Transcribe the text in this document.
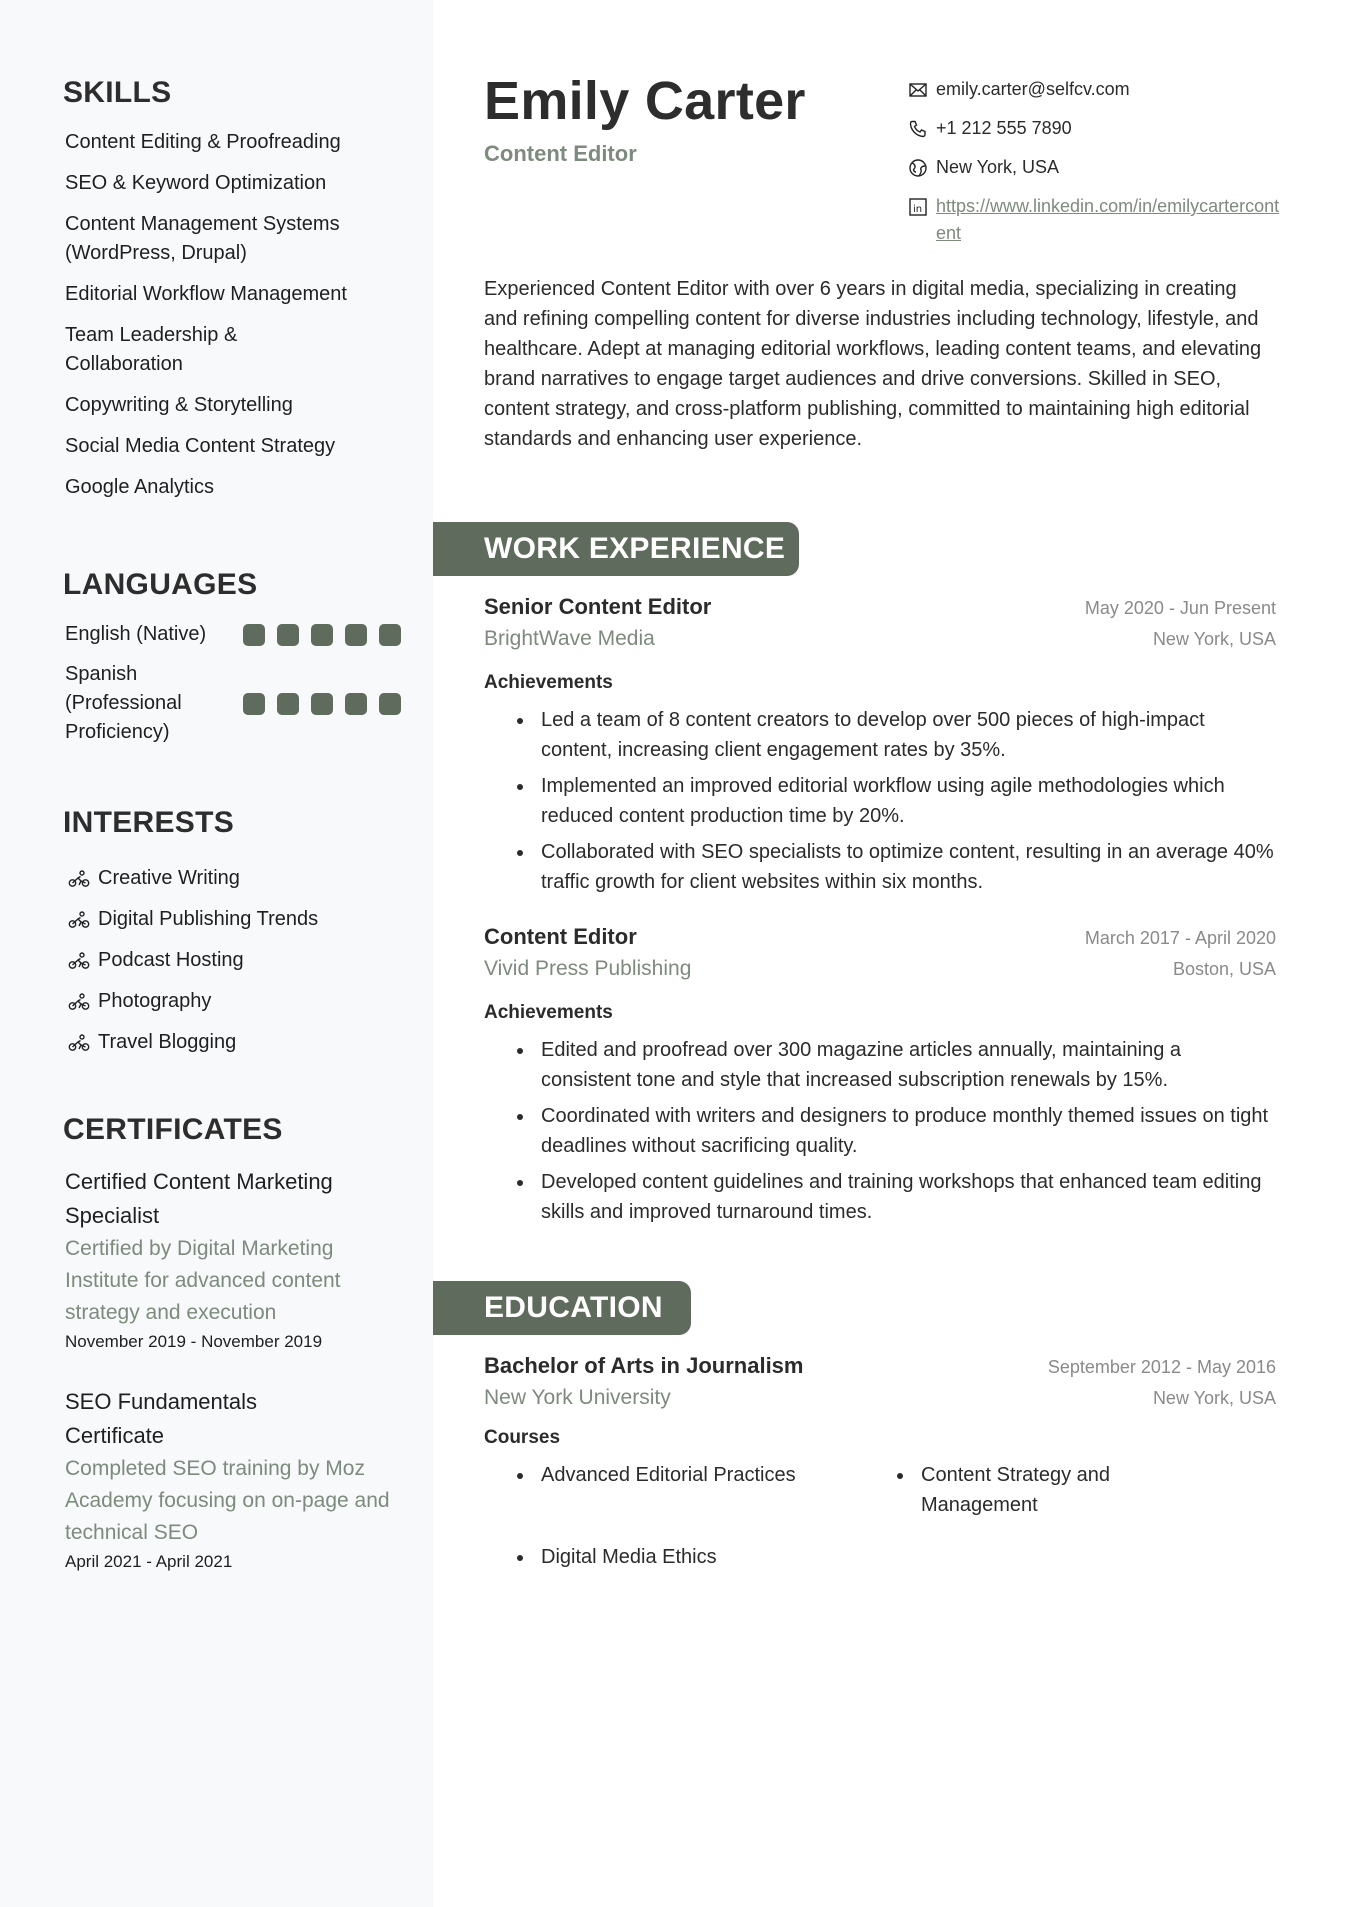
SKILLS
Content Editing & Proofreading
SEO & Keyword Optimization
Content Management Systems (WordPress, Drupal)
Editorial Workflow Management
Team Leadership & Collaboration
Copywriting & Storytelling
Social Media Content Strategy
Google Analytics
LANGUAGES
English (Native)
Spanish (Professional Proficiency)
INTERESTS
Creative Writing
Digital Publishing Trends
Podcast Hosting
Photography
Travel Blogging
CERTIFICATES
Certified Content Marketing Specialist
Certified by Digital Marketing Institute for advanced content strategy and execution
November 2019 - November 2019
SEO Fundamentals Certificate
Completed SEO training by Moz Academy focusing on on-page and technical SEO
April 2021 - April 2021
Emily Carter
Content Editor
emily.carter@selfcv.com
+1 212 555 7890
New York, USA
in https://www.linkedin.com/in/emilycartercontent

Experienced Content Editor with over 6 years in digital media, specializing in creating and refining compelling content for diverse industries including technology, lifestyle, and healthcare. Adept at managing editorial workflows, leading content teams, and elevating brand narratives to engage target audiences and drive conversions. Skilled in SEO, content strategy, and cross-platform publishing, committed to maintaining high editorial standards and enhancing user experience.

WORK EXPERIENCE
Senior Content Editor	May 2020 - Jun Present
BrightWave Media	New York, USA
Achievements
Led a team of 8 content creators to develop over 500 pieces of high-impact content, increasing client engagement rates by 35%.
Implemented an improved editorial workflow using agile methodologies which reduced content production time by 20%.
Collaborated with SEO specialists to optimize content, resulting in an average 40% traffic growth for client websites within six months.
Content Editor	March 2017 - April 2020
Vivid Press Publishing	Boston, USA
Achievements
Edited and proofread over 300 magazine articles annually, maintaining a consistent tone and style that increased subscription renewals by 15%.
Coordinated with writers and designers to produce monthly themed issues on tight deadlines without sacrificing quality.
Developed content guidelines and training workshops that enhanced team editing skills and improved turnaround times.
EDUCATION
Bachelor of Arts in Journalism	September 2012 - May 2016
New York University	New York, USA
Courses
Advanced Editorial Practices	Content Strategy and Management
Digital Media Ethics
